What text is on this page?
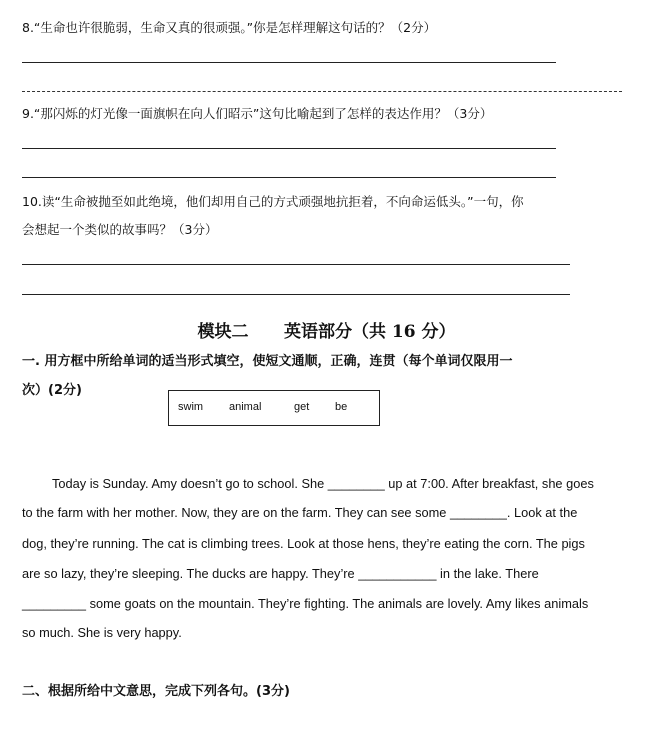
8.“生命也许很脆弱，生命又真的很顽强。”你是怎样理解这句话的？（2分）
9.“那闪烁的灯光像一面旗帜在向人们昭示”这句比喻起到了怎样的表达作用？（3分）
10.读“生命被抛至如此绝境，他们却用自己的方式顽强地抗拒着，不向命运低头。”一句，你
会想起一个类似的故事吗？（3分）
模块二      英语部分（共 16 分）
一. 用方框中所给单词的适当形式填空，使短文通顺，正确，连贯（每个单词仅限用一
次）(2分)
swim animal	get be
Today is Sunday. Amy doesn’t go to school. She ________ up at 7:00. After breakfast, she goes
to the farm with her mother. Now, they are on the farm. They can see some ________. Look at the
dog, they’re running. The cat is climbing trees. Look at those hens, they’re eating the corn. The pigs
are so lazy, they’re sleeping. The ducks are happy. They’re ___________ in the lake. There
_________ some goats on the mountain. They’re fighting. The animals are lovely. Amy likes animals
so much. She is very happy.
二、根据所给中文意思，完成下列各句。(3分)
